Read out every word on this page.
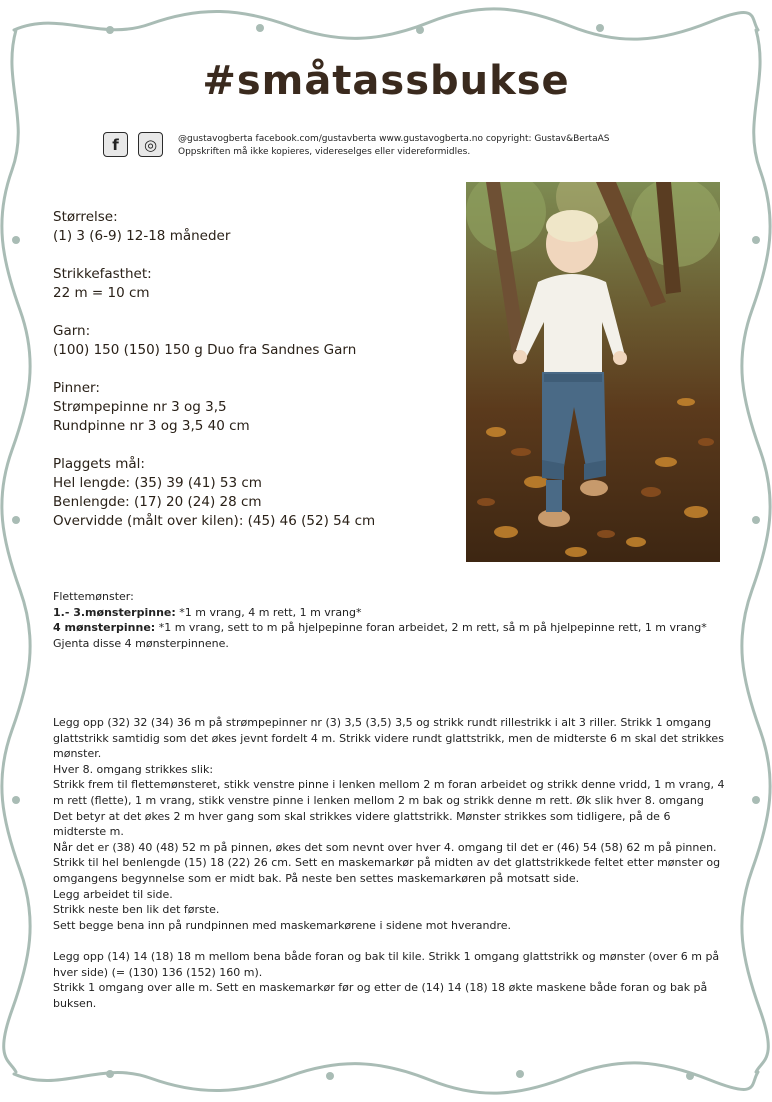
#småtassbukse
f	◎	@gustavogberta facebook.com/gustavberta www.gustavogberta.no copyright: Gustav&BertaAS
Oppskriften må ikke kopieres, videreselges eller videreformidles.
Størrelse:
(1) 3 (6-9) 12-18 måneder
Strikkefasthet:
22 m = 10 cm
Garn:
(100) 150 (150) 150 g Duo fra Sandnes Garn
Pinner:
Strømpepinne nr 3 og 3,5
Rundpinne nr 3 og 3,5 40 cm
Plaggets mål:
Hel lengde: (35) 39 (41) 53 cm
Benlengde: (17) 20 (24) 28 cm
Overvidde (målt over kilen): (45) 46 (52) 54 cm
Flettemønster:
1.- 3.mønsterpinne: *1 m vrang, 4 m rett, 1 m vrang*
4 mønsterpinne: *1 m vrang, sett to m på hjelpepinne foran arbeidet, 2 m rett, så m på hjelpepinne rett, 1 m vrang*
Gjenta disse 4 mønsterpinnene.

Legg opp (32) 32 (34) 36 m på strømpepinner nr (3) 3,5 (3,5) 3,5 og strikk rundt rillestrikk i alt 3 riller. Strikk 1 omgang glattstrikk samtidig som det økes jevnt fordelt 4 m. Strikk videre rundt glattstrikk, men de midterste 6 m skal det strikkes mønster.

Hver 8. omgang strikkes slik:

Strikk frem til flettemønsteret, stikk venstre pinne i lenken mellom 2 m foran arbeidet og strikk denne vridd, 1 m vrang, 4 m rett (flette), 1 m vrang, stikk venstre pinne i lenken mellom 2 m bak og strikk denne m rett. Øk slik hver 8. omgang

Det betyr at det økes 2 m hver gang som skal strikkes videre glattstrikk. Mønster strikkes som tidligere, på de 6 midterste m.

Når det er (38) 40 (48) 52 m på pinnen, økes det som nevnt over hver 4. omgang til det er (46) 54 (58) 62 m på pinnen.

Strikk til hel benlengde (15) 18 (22) 26 cm. Sett en maskemarkør på midten av det glattstrikkede feltet etter mønster og omgangens begynnelse som er midt bak. På neste ben settes maskemarkøren på motsatt side.

Legg arbeidet til side.

Strikk neste ben lik det første.

Sett begge bena inn på rundpinnen med maskemarkørene i sidene mot hverandre.

Legg opp (14) 14 (18) 18 m mellom bena både foran og bak til kile. Strikk 1 omgang glattstrikk og mønster (over 6 m på hver side) (= (130) 136 (152) 160 m).

Strikk 1 omgang over alle m. Sett en maskemarkør før og etter de (14) 14 (18) 18 økte maskene både foran og bak på buksen.
